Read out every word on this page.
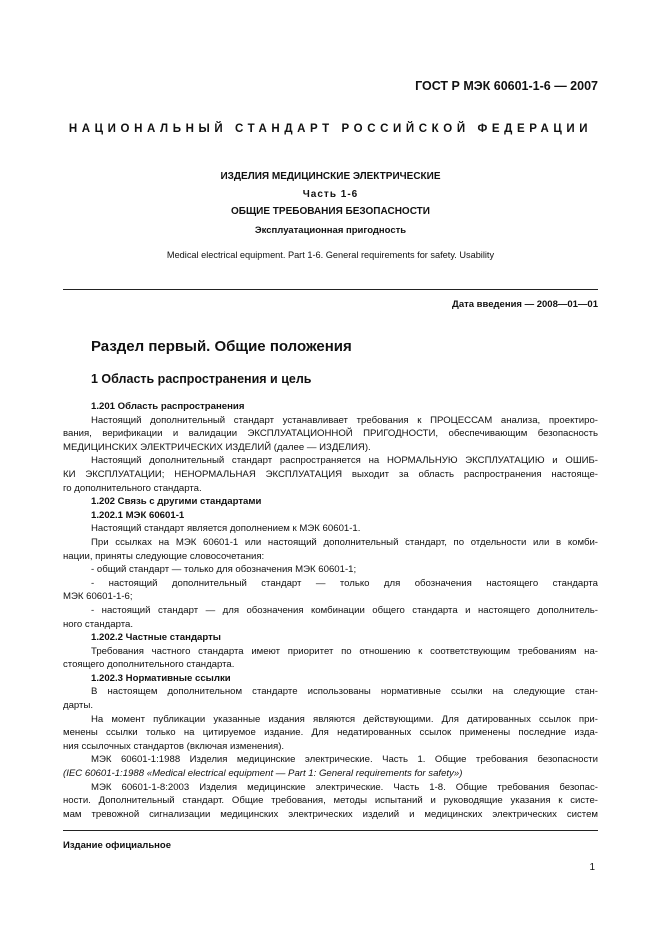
ГОСТ Р МЭК 60601-1-6 — 2007
НАЦИОНАЛЬНЫЙ СТАНДАРТ РОССИЙСКОЙ ФЕДЕРАЦИИ
ИЗДЕЛИЯ МЕДИЦИНСКИЕ ЭЛЕКТРИЧЕСКИЕ
Часть 1-6
ОБЩИЕ ТРЕБОВАНИЯ БЕЗОПАСНОСТИ
Эксплуатационная пригодность
Medical electrical equipment. Part 1-6. General requirements for safety. Usability
Дата введения — 2008—01—01
Раздел первый. Общие положения
1 Область распространения и цель
1.201 Область распространения
Настоящий дополнительный стандарт устанавливает требования к ПРОЦЕССАМ анализа, проектиро-
вания, верификации и валидации ЭКСПЛУАТАЦИОННОЙ ПРИГОДНОСТИ, обеспечивающим безопасность
МЕДИЦИНСКИХ ЭЛЕКТРИЧЕСКИХ ИЗДЕЛИЙ (далее — ИЗДЕЛИЯ).
Настоящий дополнительный стандарт распространяется на НОРМАЛЬНУЮ ЭКСПЛУАТАЦИЮ и ОШИБ-
КИ ЭКСПЛУАТАЦИИ; НЕНОРМАЛЬНАЯ ЭКСПЛУАТАЦИЯ выходит за область распространения настояще-
го дополнительного стандарта.
1.202 Связь с другими стандартами
1.202.1 МЭК 60601-1
Настоящий стандарт является дополнением к МЭК 60601-1.
При ссылках на МЭК 60601-1 или настоящий дополнительный стандарт, по отдельности или в комби-
нации, приняты следующие словосочетания:
- общий стандарт — только для обозначения МЭК 60601-1;
- настоящий дополнительный стандарт — только для обозначения настоящего стандарта
МЭК 60601-1-6;
- настоящий стандарт — для обозначения комбинации общего стандарта и настоящего дополнитель-
ного стандарта.
1.202.2 Частные стандарты
Требования частного стандарта имеют приоритет по отношению к соответствующим требованиям на-
стоящего дополнительного стандарта.
1.202.3 Нормативные ссылки
В настоящем дополнительном стандарте использованы нормативные ссылки на следующие стан-
дарты.
На момент публикации указанные издания являются действующими. Для датированных ссылок при-
менены ссылки только на цитируемое издание. Для недатированных ссылок применены последние изда-
ния ссылочных стандартов (включая изменения).
МЭК 60601-1:1988 Изделия медицинские электрические. Часть 1. Общие требования безопасности
(IEC 60601-1:1988 «Medical electrical equipment — Part 1: General requirements for safety»)
МЭК 60601-1-8:2003 Изделия медицинские электрические. Часть 1-8. Общие требования безопас-
ности. Дополнительный стандарт. Общие требования, методы испытаний и руководящие указания к систе-
мам тревожной сигнализации медицинских электрических изделий и медицинских электрических систем
Издание официальное
1
